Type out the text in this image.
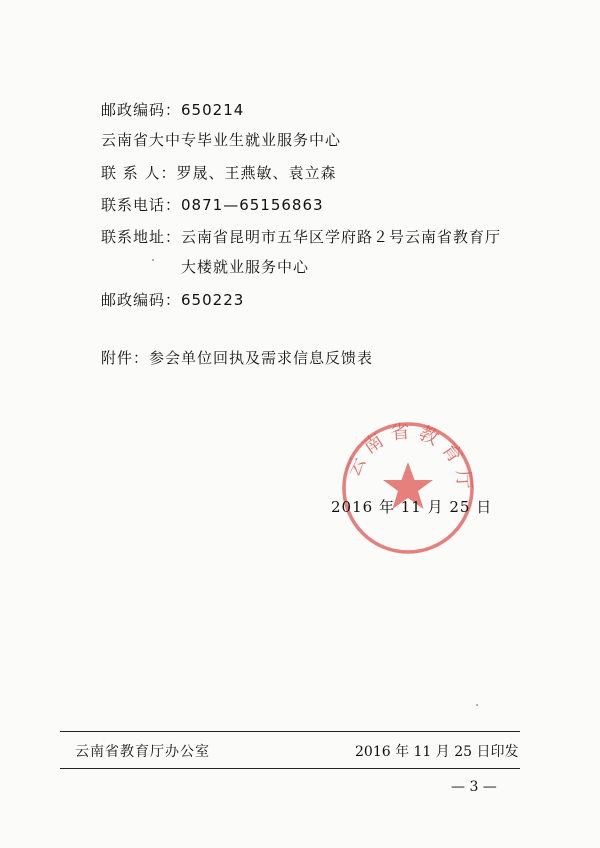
邮政编码：650214
云南省大中专毕业生就业服务中心
联 系 人：罗晟、王燕敏、袁立森
联系电话：0871—65156863
联系地址：云南省昆明市五华区学府路２号云南省教育厅
大楼就业服务中心
邮政编码：650223
附件：参会单位回执及需求信息反馈表
云南省教育厅
2016 年 11 月 25 日
云南省教育厅办公室	2016 年 11 月 25 日印发
— 3 —
